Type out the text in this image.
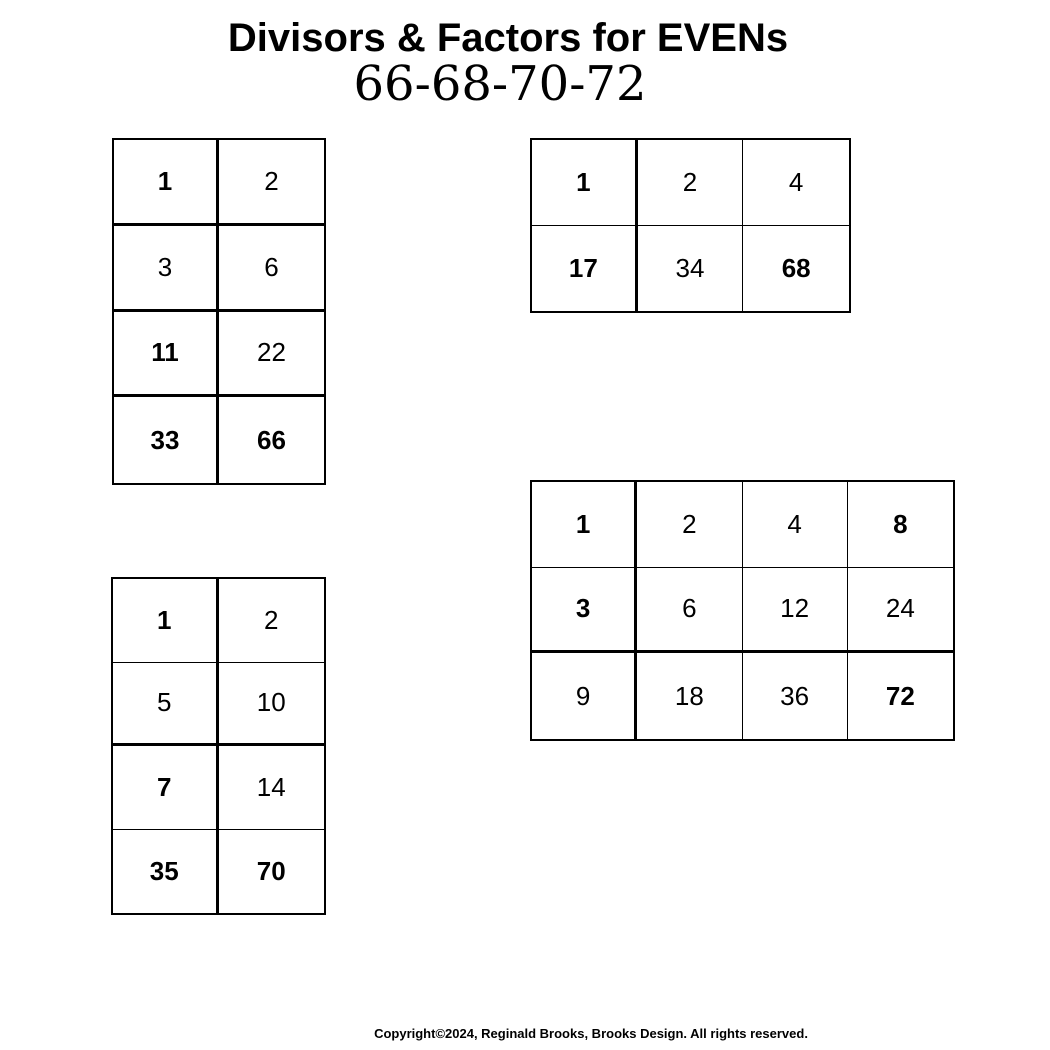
Divisors & Factors for EVENs
66-68-70-72
1	2
3	6
11	22
33	66
1	2	4
17	34	68
1	2
5	10
7	14
35	70
1	2	4	8
3	6	12	24
9	18	36	72
Copyright©2024, Reginald Brooks, Brooks Design. All rights reserved.
